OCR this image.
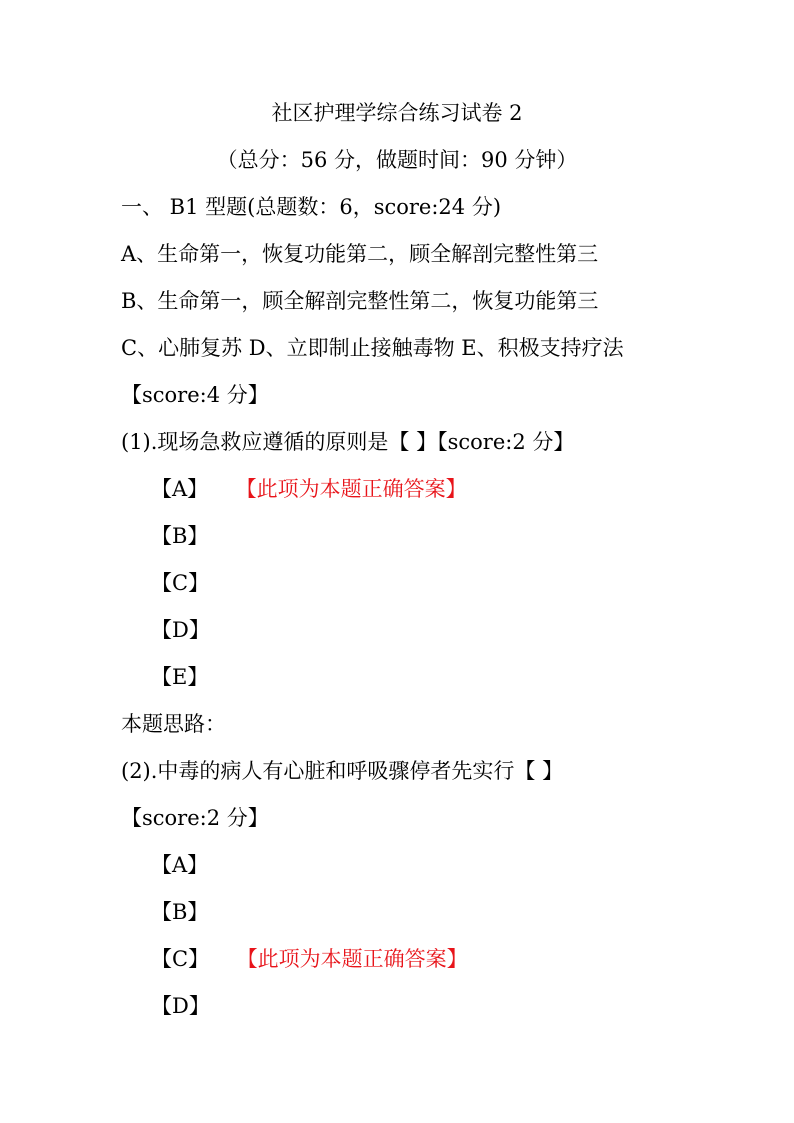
社区护理学综合练习试卷 2
（总分：56 分，做题时间：90 分钟）
一、 B1 型题(总题数：6，score:24 分)
A、生命第一，恢复功能第二，顾全解剖完整性第三
B、生命第一，顾全解剖完整性第二，恢复功能第三
C、心肺复苏 D、立即制止接触毒物 E、积极支持疗法
【score:4 分】
(1).现场急救应遵循的原则是【 】【score:2 分】
【A】 【此项为本题正确答案】
【B】
【C】
【D】
【E】
本题思路：
(2).中毒的病人有心脏和呼吸骤停者先实行【 】
【score:2 分】
【A】
【B】
【C】 【此项为本题正确答案】
【D】
